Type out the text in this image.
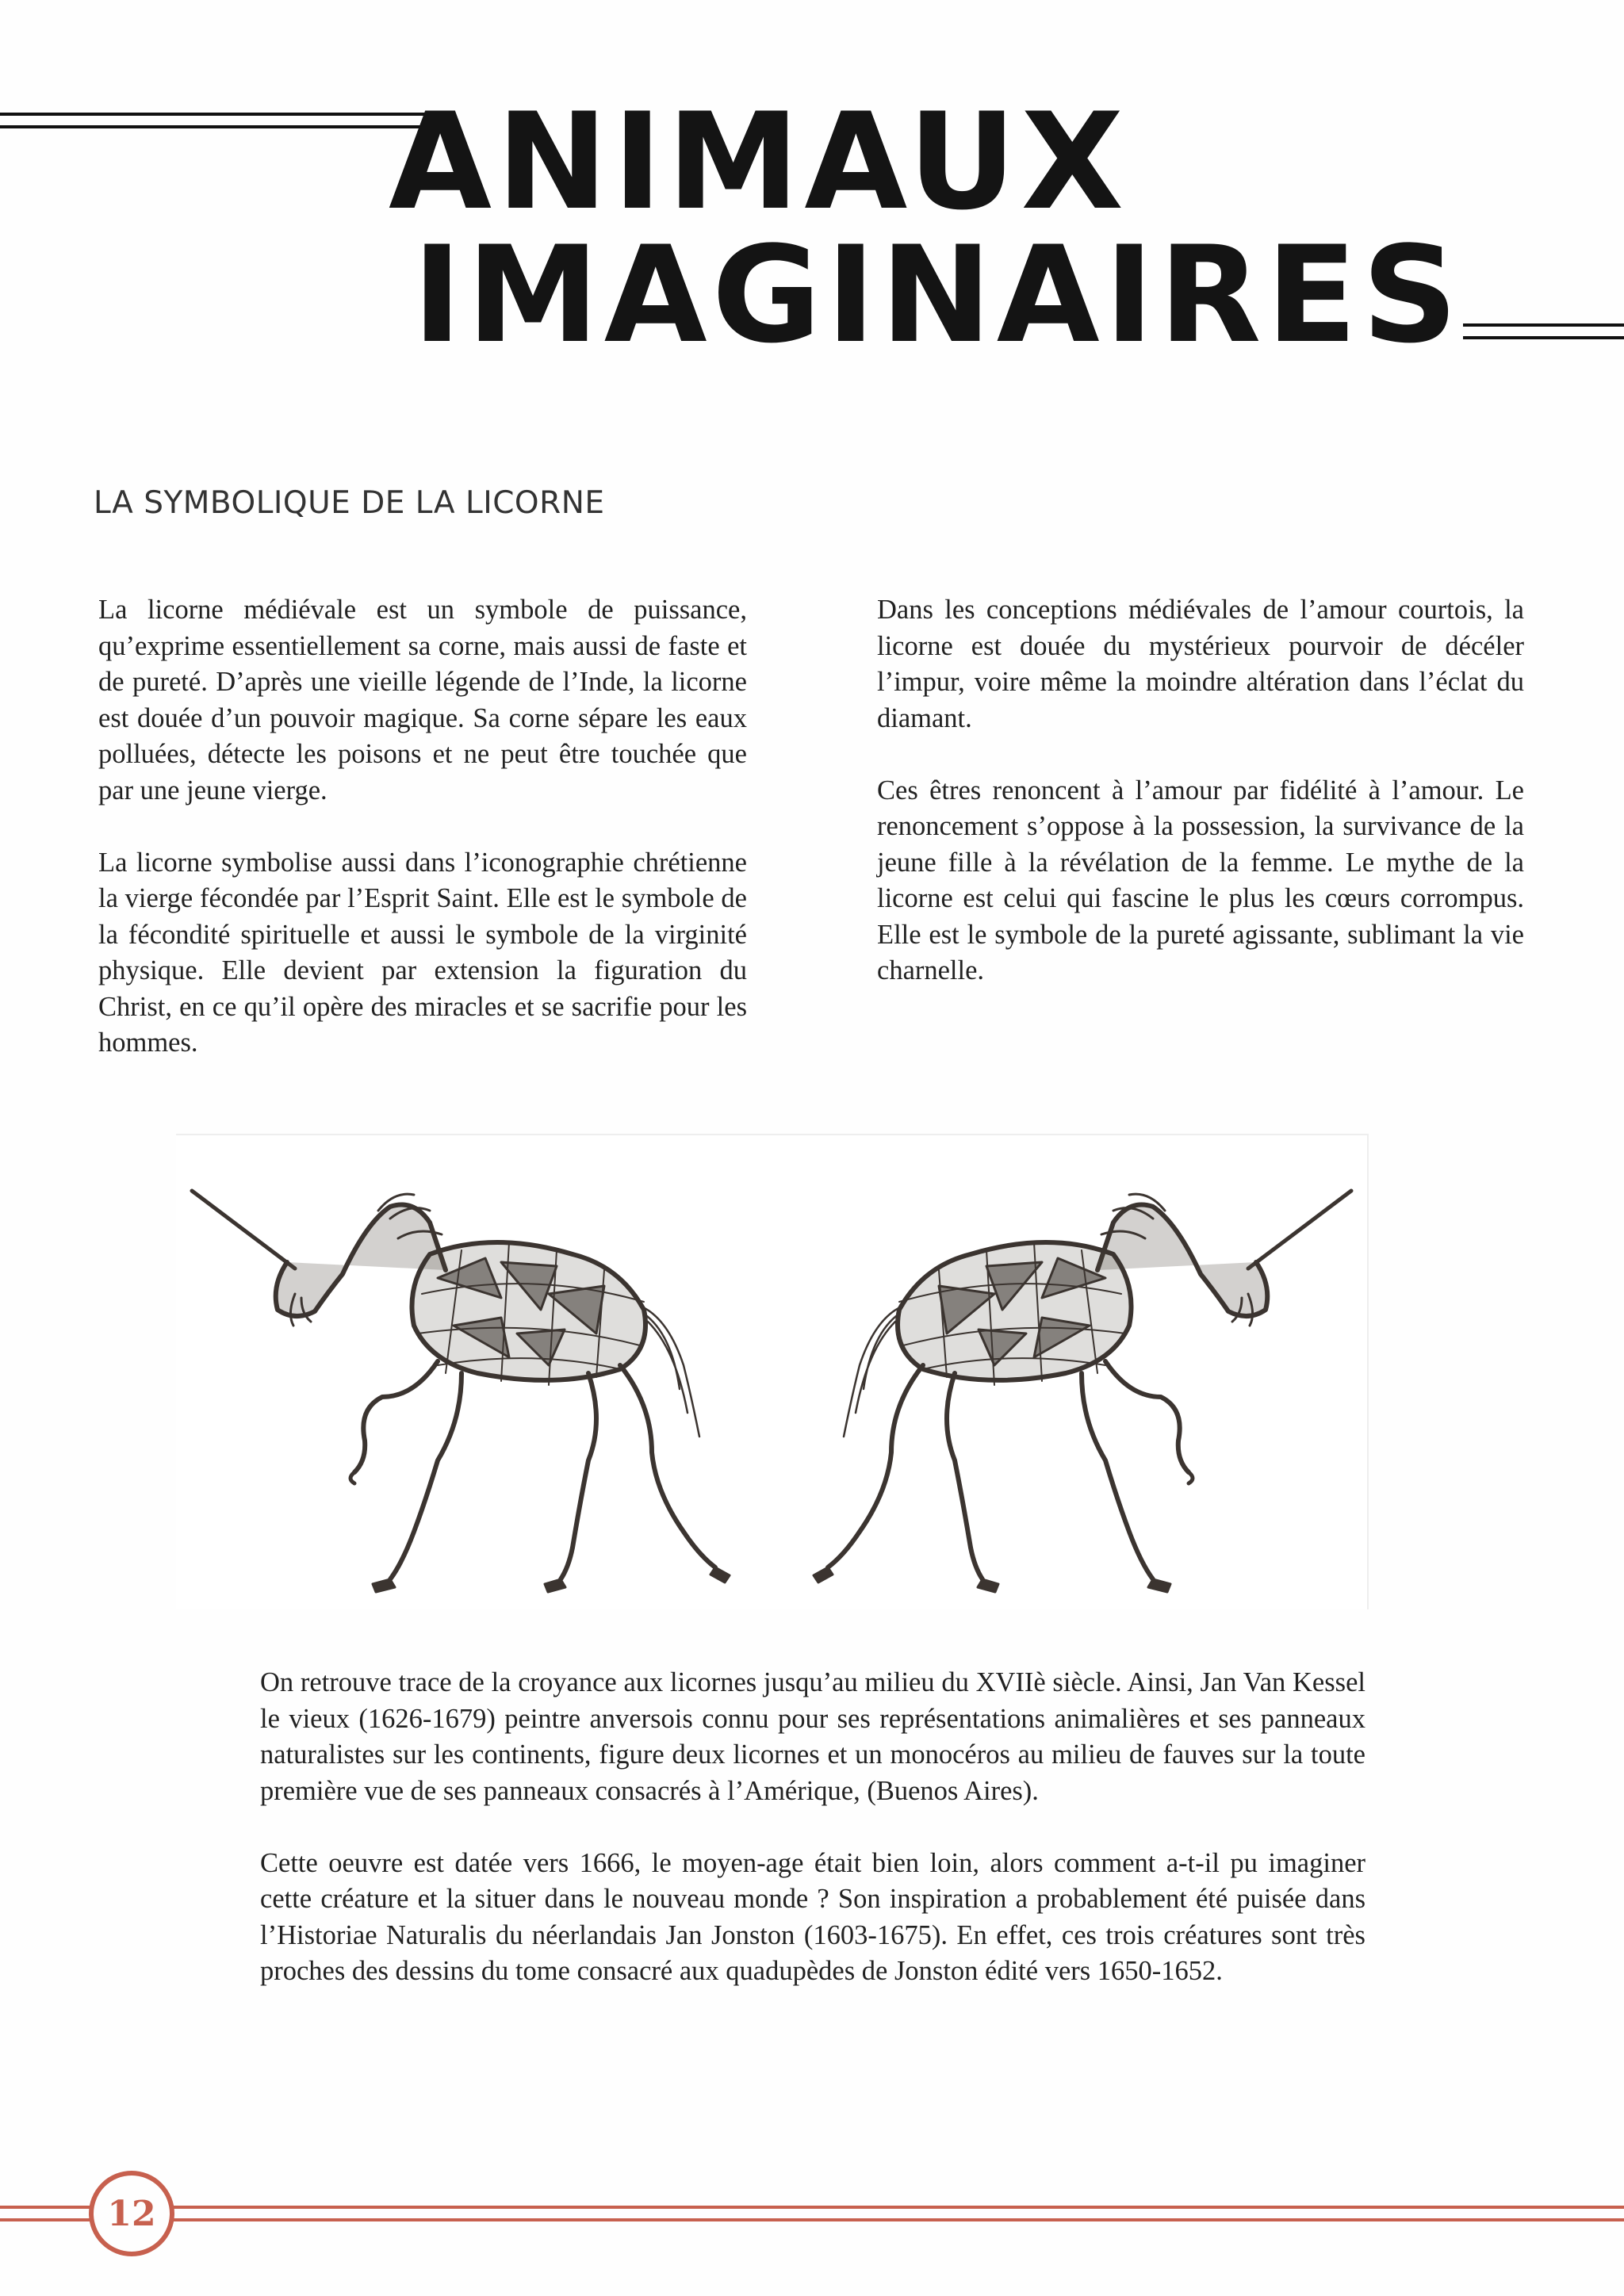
ANIMAUX
IMAGINAIRES
LA SYMBOLIQUE DE LA LICORNE

La licorne médiévale est un symbole de puissance, qu’exprime essentiellement sa corne, mais aussi de faste et de pureté. D’après une vieille légende de l’Inde, la licorne est douée d’un pouvoir magique. Sa corne sépare les eaux polluées, détecte les poisons et ne peut être touchée que par une jeune vierge.

La licorne symbolise aussi dans l’iconographie chrétienne la vierge fécondée par l’Esprit Saint. Elle est le symbole de la fécondité spirituelle et aussi le symbole de la virginité physique. Elle devient par extension la figuration du Christ, en ce qu’il opère des miracles et se sacrifie pour les hommes.

Dans les conceptions médiévales de l’amour courtois, la licorne est douée du mystérieux pourvoir de décéler l’impur, voire même la moindre altération dans l’éclat du diamant.

Ces êtres renoncent à l’amour par fidélité à l’amour. Le renoncement s’oppose à la possession, la survivance de la jeune fille à la révélation de la femme. Le mythe de la licorne est celui qui fascine le plus les cœurs corrompus. Elle est le symbole de la pureté agissante, sublimant la vie charnelle.

On retrouve trace de la croyance aux licornes jusqu’au milieu du XVIIè siècle. Ainsi, Jan Van Kessel le vieux (1626-1679) peintre anversois connu pour ses représentations animalières et ses panneaux naturalistes sur les continents, figure deux licornes et un monocéros au milieu de fauves sur la toute première vue de ses panneaux consacrés à l’Amérique, (Buenos Aires).

Cette oeuvre est datée vers 1666, le moyen-age était bien loin, alors comment a-t-il pu imaginer cette créature et la situer dans le nouveau monde ? Son inspiration a probablement été puisée dans l’Historiae Naturalis du néerlandais Jan Jonston (1603-1675). En effet, ces trois créatures sont très proches des dessins du tome consacré aux quadupèdes de Jonston édité vers 1650-1652.

12
